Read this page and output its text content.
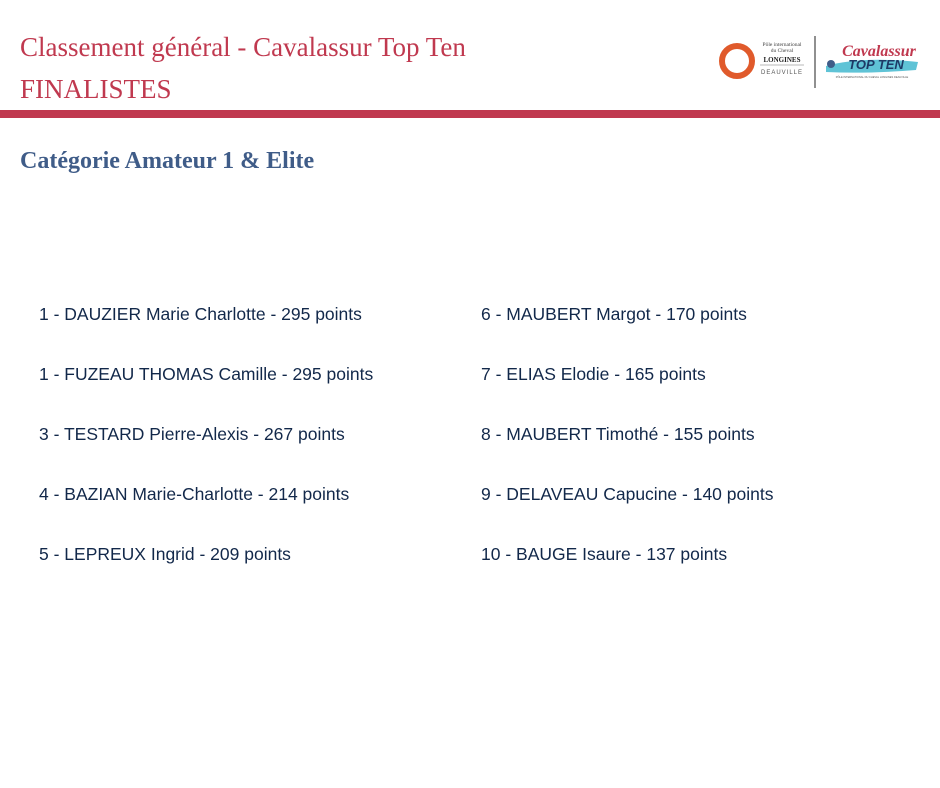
Classement général - Cavalassur Top Ten
FINALISTES
Pôle international
du Cheval
LONGINES
DEAUVILLE
Cavalassur
TOP TEN
PÔLE INTERNATIONAL DU CHEVAL LONGINES DEAUVILLE
Catégorie Amateur 1 & Elite
1 - DAUZIER Marie Charlotte - 295 points
1 - FUZEAU THOMAS Camille - 295 points
3 - TESTARD Pierre-Alexis - 267 points
4 - BAZIAN Marie-Charlotte - 214 points
5 - LEPREUX Ingrid - 209 points
6 - MAUBERT Margot - 170 points
7 - ELIAS Elodie - 165 points
8 - MAUBERT Timothé - 155 points
9 - DELAVEAU Capucine - 140 points
10 - BAUGE Isaure - 137 points
